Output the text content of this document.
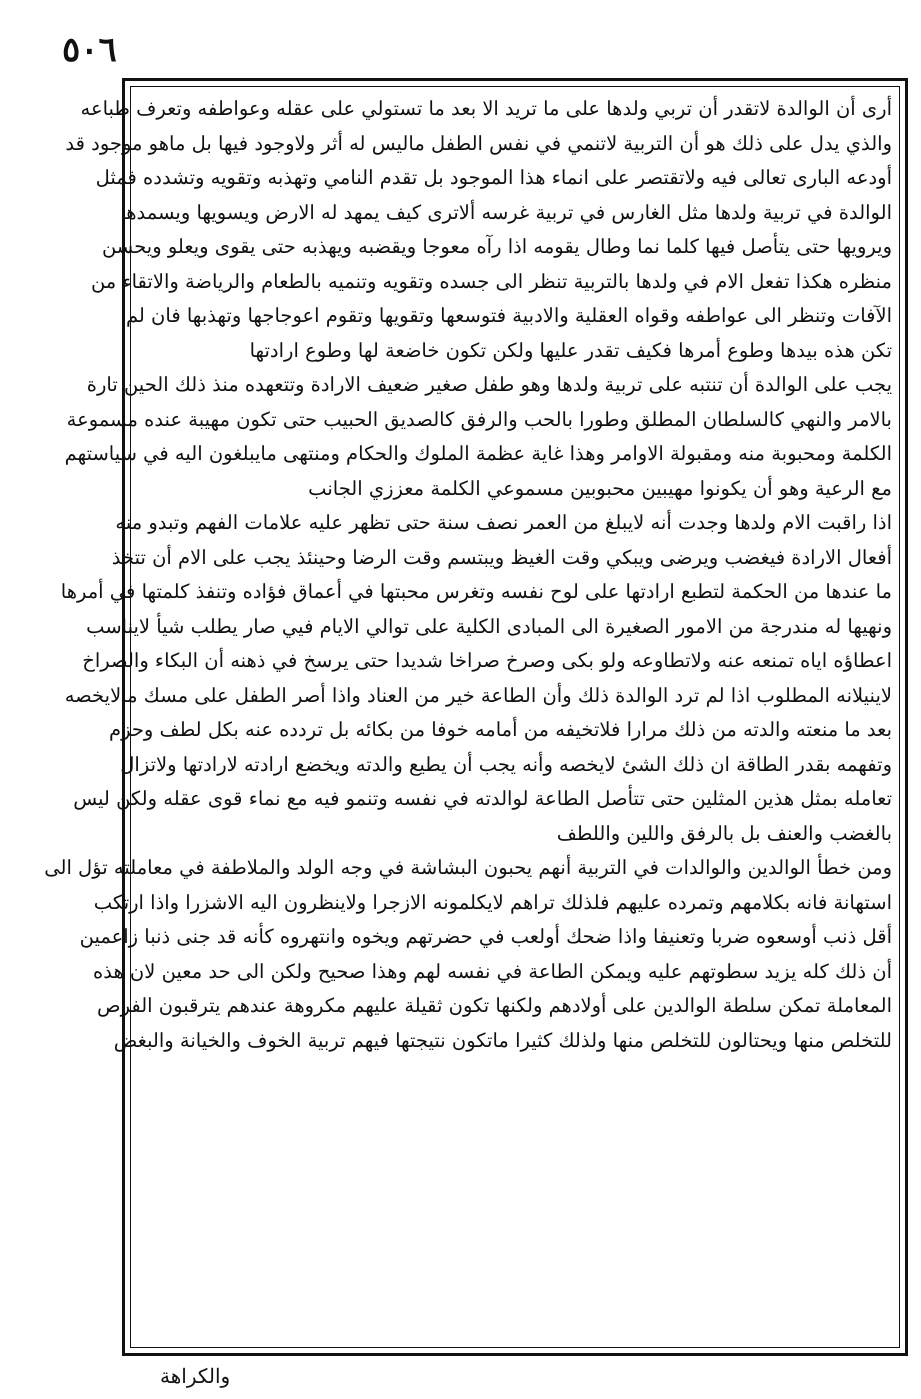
٥٠٦
أرى أن الوالدة لاتقدر أن تربي ولدها على ما تريد الا بعد ما تستولي على عقله وعواطفه وتعرف طباعه
والذي يدل على ذلك هو أن التربية لاتنمي في نفس الطفل ماليس له أثر ولاوجود فيها بل ماهو موجود قد
أودعه البارى تعالى فيه ولاتقتصر على انماء هذا الموجود بل تقدم النامي وتهذبه وتقويه وتشدده فمثل
الوالدة في تربية ولدها مثل الغارس في تربية غرسه ألاترى كيف يمهد له الارض ويسويها ويسمدها
ويرويها حتى يتأصل فيها كلما نما وطال يقومه اذا رآه معوجا ويقضبه ويهذبه حتى يقوى ويعلو ويحسن
منظره هكذا تفعل الام في ولدها بالتربية تنظر الى جسده وتقويه وتنميه بالطعام والرياضة والاتقاء من
الآفات وتنظر الى عواطفه وقواه العقلية والادبية فتوسعها وتقويها وتقوم اعوجاجها وتهذبها فان لم
تكن هذه بيدها وطوع أمرها فكيف تقدر عليها ولكن تكون خاضعة لها وطوع ارادتها
يجب على الوالدة أن تنتبه على تربية ولدها وهو طفل صغير ضعيف الارادة وتتعهده منذ ذلك الحين تارة
بالامر والنهي كالسلطان المطلق وطورا بالحب والرفق كالصديق الحبيب حتى تكون مهيبة عنده مسموعة
الكلمة ومحبوبة منه ومقبولة الاوامر وهذا غاية عظمة الملوك والحكام ومنتهى مايبلغون اليه في سياستهم
مع الرعية وهو أن يكونوا مهيبين محبوبين مسموعي الكلمة معززي الجانب
اذا راقبت الام ولدها وجدت أنه لايبلغ من العمر نصف سنة حتى تظهر عليه علامات الفهم وتبدو منه
أفعال الارادة فيغضب ويرضى ويبكي وقت الغيظ ويبتسم وقت الرضا وحينئذ يجب على الام أن تتخذ
ما عندها من الحكمة لتطبع ارادتها على لوح نفسه وتغرس محبتها في أعماق فؤاده وتنفذ كلمتها في أمرها
ونهيها له مندرجة من الامور الصغيرة الى المبادى الكلية على توالي الايام فيي صار يطلب شيأ لايناسب
اعطاؤه اياه تمنعه عنه ولاتطاوعه ولو بكى وصرخ صراخا شديدا حتى يرسخ في ذهنه أن البكاء والصراخ
لاينيلانه المطلوب اذا لم ترد الوالدة ذلك وأن الطاعة خير من العناد واذا أصر الطفل على مسك مالايخصه
بعد ما منعته والدته من ذلك مرارا فلاتخيفه من أمامه خوفا من بكائه بل تردده عنه بكل لطف وحزم
وتفهمه بقدر الطاقة ان ذلك الشئ لايخصه وأنه يجب أن يطيع والدته ويخضع ارادته لارادتها ولاتزال
تعامله بمثل هذين المثلين حتى تتأصل الطاعة لوالدته في نفسه وتنمو فيه مع نماء قوى عقله ولكن ليس
بالغضب والعنف بل بالرفق واللين واللطف
ومن خطأ الوالدين والوالدات في التربية أنهم يحبون البشاشة في وجه الولد والملاطفة في معاملته تؤل الى
استهانة فانه بكلامهم وتمرده عليهم فلذلك تراهم لايكلمونه الازجرا ولاينظرون اليه الاشزرا واذا ارتكب
أقل ذنب أوسعوه ضربا وتعنيفا واذا ضحك أولعب في حضرتهم ويخوه وانتهروه كأنه قد جنى ذنبا زاعمين
أن ذلك كله يزيد سطوتهم عليه ويمكن الطاعة في نفسه لهم وهذا صحيح ولكن الى حد معين لان هذه
المعاملة تمكن سلطة الوالدين على أولادهم ولكنها تكون ثقيلة عليهم مكروهة عندهم يترقبون الفرص
للتخلص منها ويحتالون للتخلص منها ولذلك كثيرا ماتكون نتيجتها فيهم تربية الخوف والخيانة والبغض
والكراهة
